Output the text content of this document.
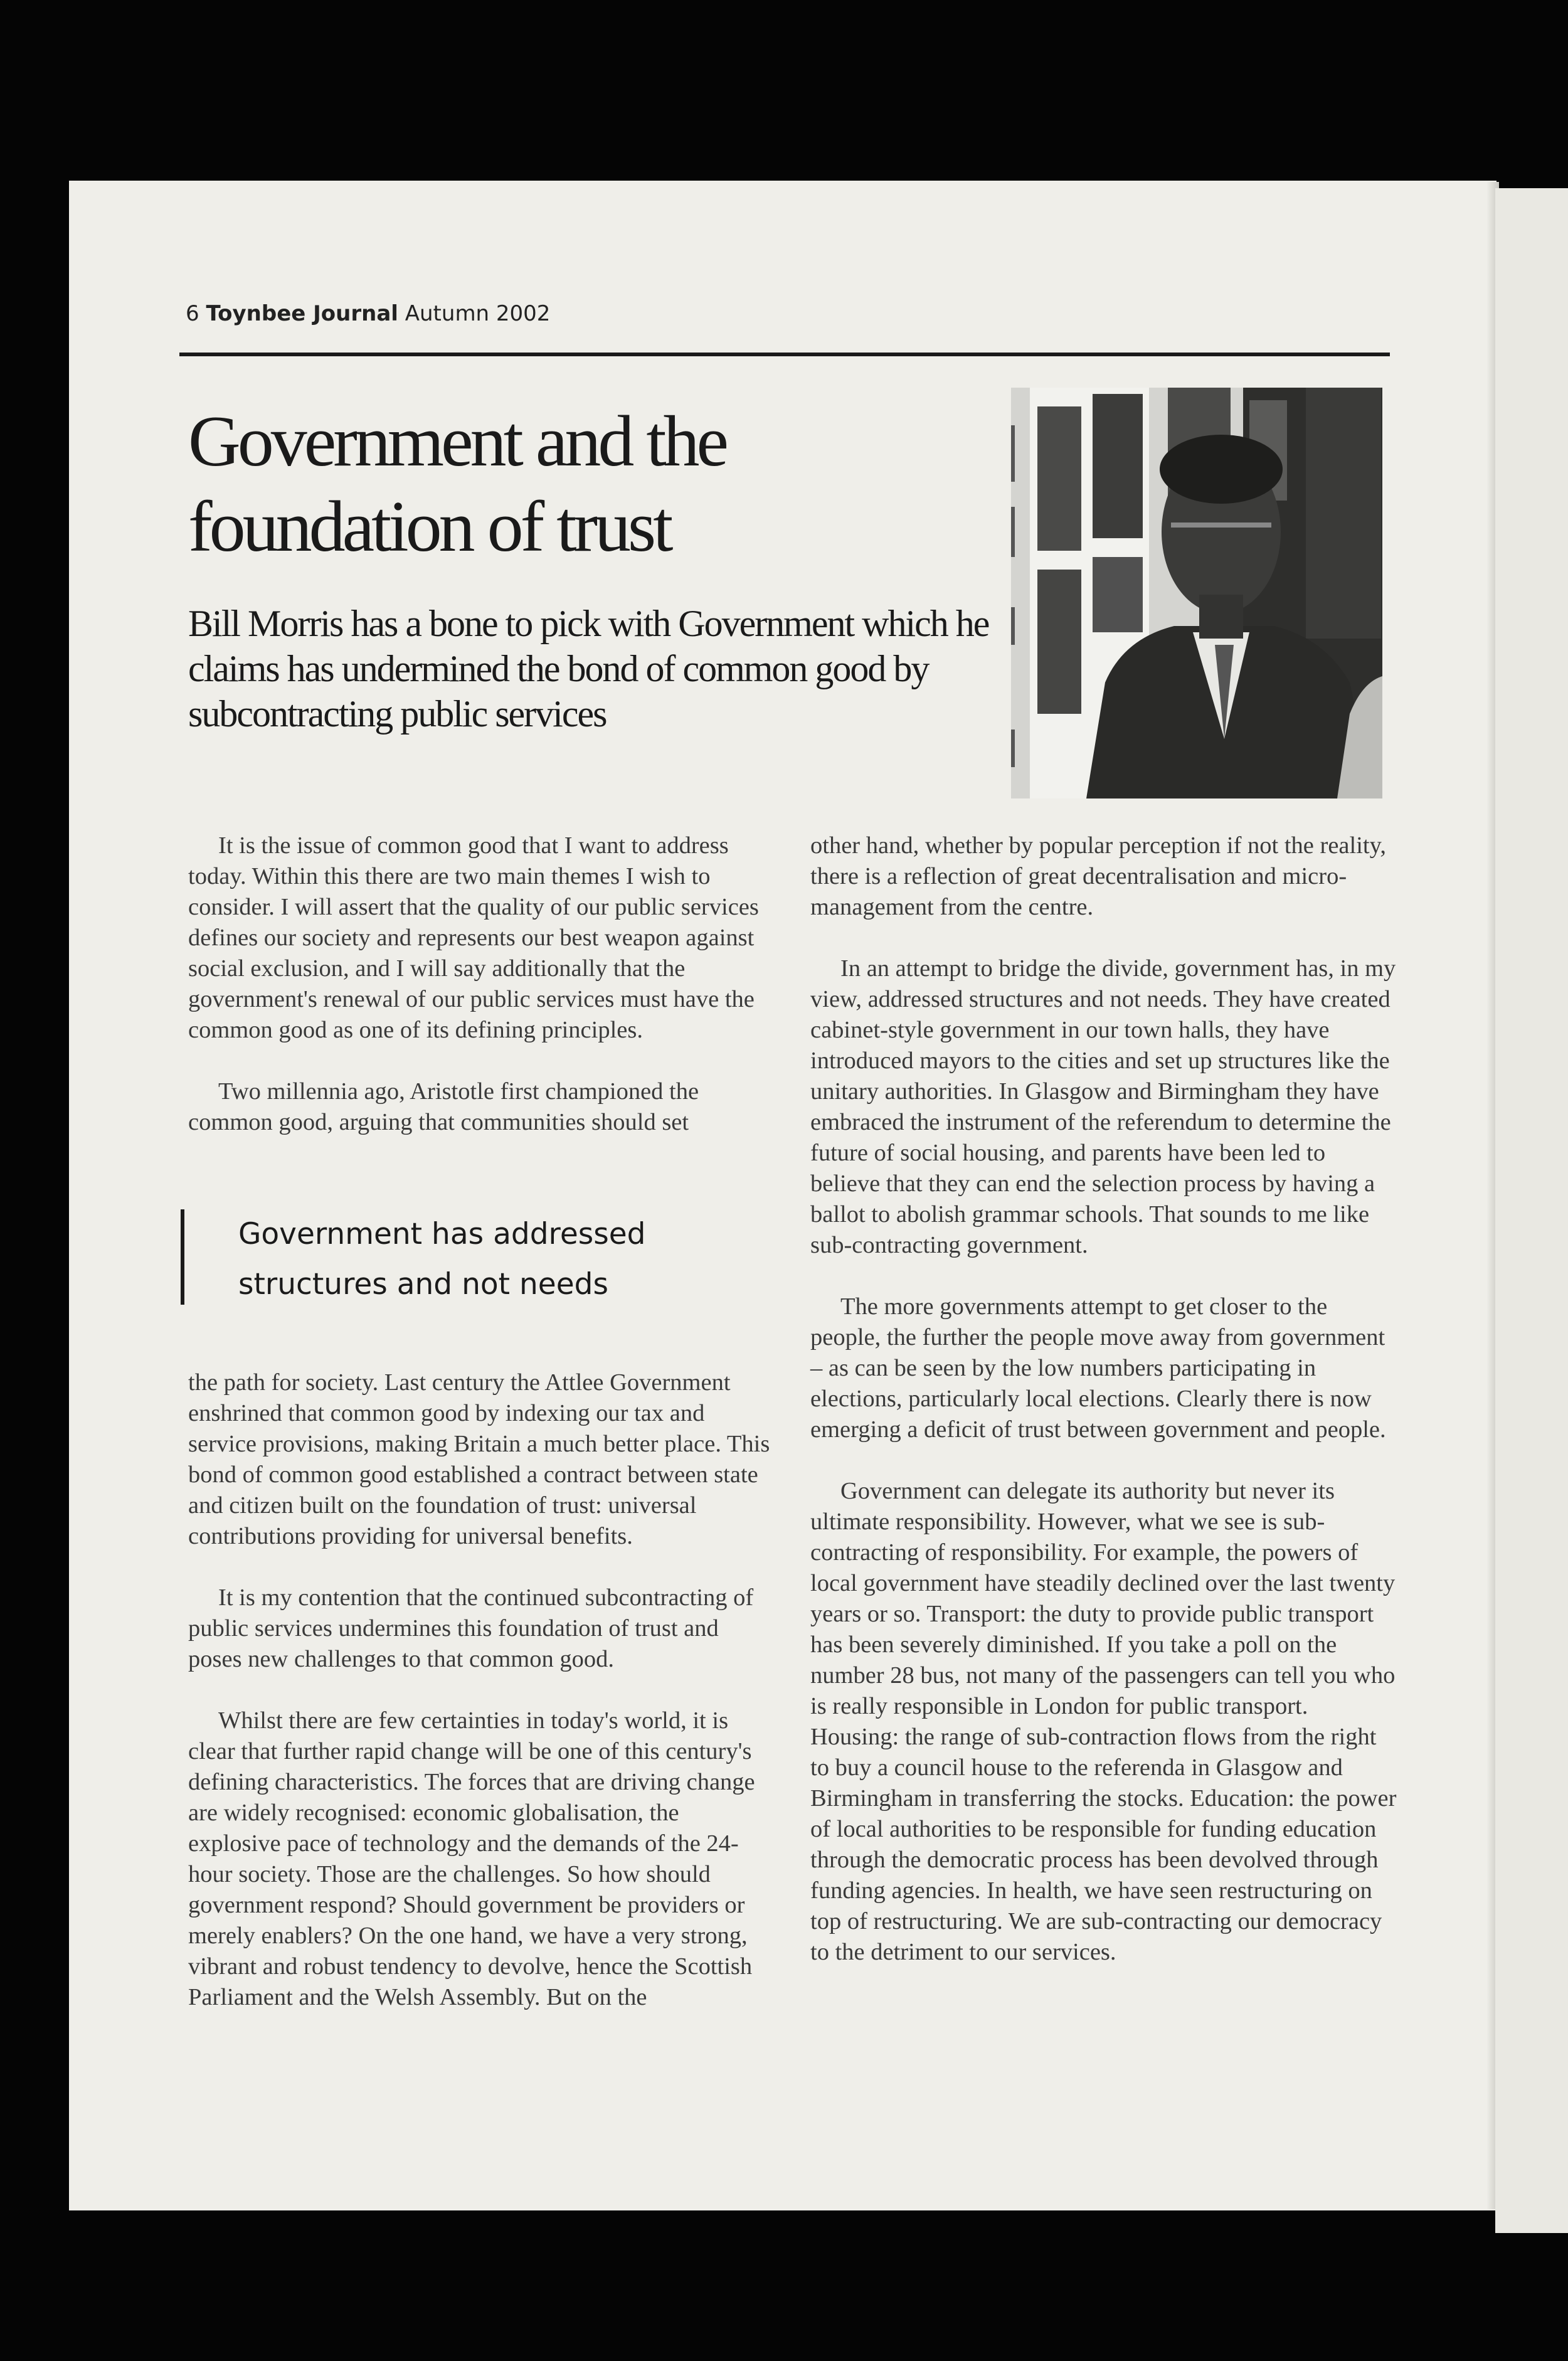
6 Toynbee Journal Autumn 2002
Government and the
foundation of trust

Bill Morris has a bone to pick with Government which he claims has undermined the bond of common good by subcontracting public services

It is the issue of common good that I want to address today. Within this there are two main themes I wish to consider. I will assert that the quality of our public services defines our society and represents our best weapon against social exclusion, and I will say additionally that the government's renewal of our public services must have the common good as one of its defining principles.

Two millennia ago, Aristotle first championed the common good, arguing that communities should set

Government has addressed
structures and not needs

the path for society. Last century the Attlee Government enshrined that common good by indexing our tax and service provisions, making Britain a much better place. This bond of common good established a contract between state and citizen built on the foundation of trust: universal contributions providing for universal benefits.

It is my contention that the continued subcontracting of public services undermines this foundation of trust and poses new challenges to that common good.

Whilst there are few certainties in today's world, it is clear that further rapid change will be one of this century's defining characteristics. The forces that are driving change are widely recognised: economic globalisation, the explosive pace of technology and the demands of the 24-hour society. Those are the challenges. So how should government respond? Should government be providers or merely enablers? On the one hand, we have a very strong, vibrant and robust tendency to devolve, hence the Scottish Parliament and the Welsh Assembly. But on the

other hand, whether by popular perception if not the reality, there is a reflection of great decentralisation and micro-management from the centre.

In an attempt to bridge the divide, government has, in my view, addressed structures and not needs. They have created cabinet-style government in our town halls, they have introduced mayors to the cities and set up structures like the unitary authorities. In Glasgow and Birmingham they have embraced the instrument of the referendum to determine the future of social housing, and parents have been led to believe that they can end the selection process by having a ballot to abolish grammar schools. That sounds to me like sub-contracting government.

The more governments attempt to get closer to the people, the further the people move away from government – as can be seen by the low numbers participating in elections, particularly local elections. Clearly there is now emerging a deficit of trust between government and people.

Government can delegate its authority but never its ultimate responsibility. However, what we see is sub-contracting of responsibility. For example, the powers of local government have steadily declined over the last twenty years or so. Transport: the duty to provide public transport has been severely diminished. If you take a poll on the number 28 bus, not many of the passengers can tell you who is really responsible in London for public transport. Housing: the range of sub-contraction flows from the right to buy a council house to the referenda in Glasgow and Birmingham in transferring the stocks. Education: the power of local authorities to be responsible for funding education through the democratic process has been devolved through funding agencies. In health, we have seen restructuring on top of restructuring. We are sub-contracting our democracy to the detriment to our services.
